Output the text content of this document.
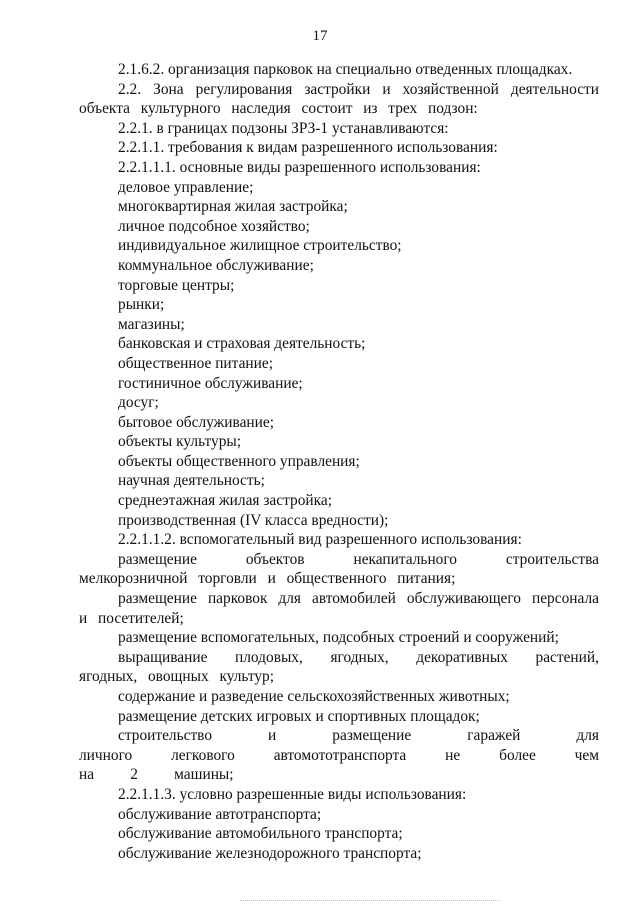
17

2.1.6.2. организация парковок на специально отведенных площадках.

2.2. Зона регулирования застройки и хозяйственной деятельности объекта культурного наследия состоит из трех подзон:

2.2.1. в границах подзоны ЗРЗ-1 устанавливаются:

2.2.1.1. требования к видам разрешенного использования:

2.2.1.1.1. основные виды разрешенного использования:

деловое управление;

многоквартирная жилая застройка;

личное подсобное хозяйство;

индивидуальное жилищное строительство;

коммунальное обслуживание;

торговые центры;

рынки;

магазины;

банковская и страховая деятельность;

общественное питание;

гостиничное обслуживание;

досуг;

бытовое обслуживание;

объекты культуры;

объекты общественного управления;

научная деятельность;

среднеэтажная жилая застройка;

производственная (IV класса вредности);

2.2.1.1.2. вспомогательный вид разрешенного использования:

размещение объектов некапитального строительства мелкорозничной торговли и общественного питания;

размещение парковок для автомобилей обслуживающего персонала и посетителей;

размещение вспомогательных, подсобных строений и сооружений;

выращивание плодовых, ягодных, декоративных растений, ягодных, овощных культур;

содержание и разведение сельскохозяйственных животных;

размещение детских игровых и спортивных площадок;

строительство и размещение гаражей для личного легкового автомототранспорта не более чем на 2 машины;

2.2.1.1.3. условно разрешенные виды использования:

обслуживание автотранспорта;

обслуживание автомобильного транспорта;

обслуживание железнодорожного транспорта;
